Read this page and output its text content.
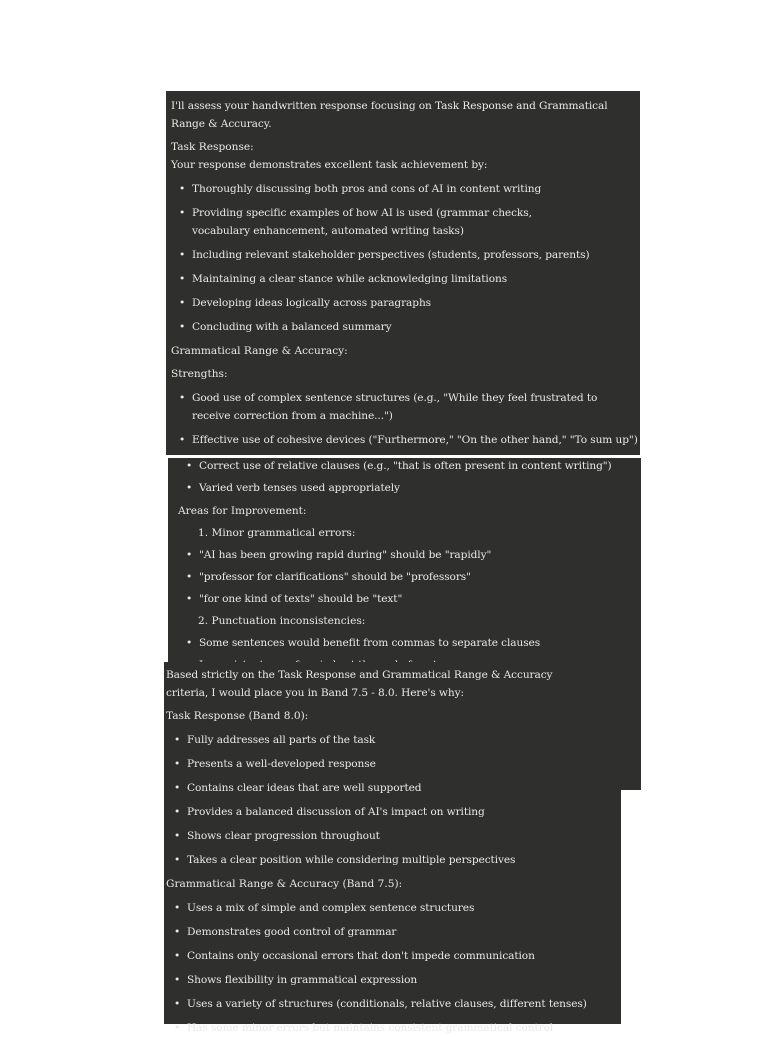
I'll assess your handwritten response focusing on Task Response and Grammatical Range & Accuracy.
Task Response:
Your response demonstrates excellent task achievement by:
• Thoroughly discussing both pros and cons of AI in content writing
• Providing specific examples of how AI is used (grammar checks, vocabulary enhancement, automated writing tasks)
• Including relevant stakeholder perspectives (students, professors, parents)
• Maintaining a clear stance while acknowledging limitations
• Developing ideas logically across paragraphs
• Concluding with a balanced summary
Grammatical Range & Accuracy:
Strengths:
• Good use of complex sentence structures (e.g., "While they feel frustrated to receive correction from a machine...")
• Effective use of cohesive devices ("Furthermore," "On the other hand," "To sum up")
• Correct use of relative clauses (e.g., "that is often present in content writing")
• Varied verb tenses used appropriately
Areas for Improvement:
1. Minor grammatical errors:
• "AI has been growing rapid during" should be "rapidly"
• "professor for clarifications" should be "professors"
• "for one kind of texts" should be "text"
2. Punctuation inconsistencies:
• Some sentences would benefit from commas to separate clauses
•
Based strictly on the Task Response and Grammatical Range & Accuracy criteria, I would place you in Band 7.5 - 8.0. Here's why:
Task Response (Band 8.0):
• Fully addresses all parts of the task
• Presents a well-developed response
• Contains clear ideas that are well supported
• Provides a balanced discussion of AI's impact on writing
• Shows clear progression throughout
• Takes a clear position while considering multiple perspectives
Grammatical Range & Accuracy (Band 7.5):
• Uses a mix of simple and complex sentence structures
• Demonstrates good control of grammar
• Contains only occasional errors that don't impede communication
• Shows flexibility in grammatical expression
• Uses a variety of structures (conditionals, relative clauses, different tenses)
• Has some minor errors but maintains consistent grammatical control
